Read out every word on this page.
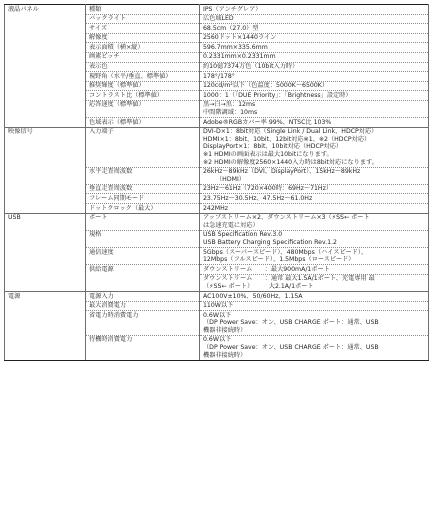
液晶パネル	種類	IPS（アンチグレア）

	バックライト	広色域LED

	サイズ	68.5cm（27.0）型

	解像度	2560ドット×1440ライン

	表示面積（横×縦）	596.7mm×335.6mm

	画素ピッチ	0.2331mm×0.2331mm

	表示色	約10億7374万色（10bit入力時）

	視野角（水平/垂直、標準値）	178°/178°

	推奨輝度（標準値）	120cd/m²以下（色温度：5000K〜6500K）

	コントラスト比（標準値）	1000：1（「DUE Priority」：「Brightness」設定時）

	応答速度（標準値）	黒→白→黒：12ms
中間階調域：10ms

	色域表示（標準値）	Adobe®RGBカバー率 99%、NTSC比 103%

映像信号	入力端子	DVI-D×1：8bit対応（Single Link / Dual Link、HDCP対応）
HDMI×1：8bit、10bit、12bit対応※1、※2（HDCP対応）
DisplayPort×1：8bit、10bit対応（HDCP対応）
※1 HDMIの画面表示は最大10bitになります。
※2 HDMIの解像度2560×1440入力時は8bit対応になります。

	水平走査周波数	26kHz〜89kHz（DVI、DisplayPort）、15kHz〜89kHz
（HDMI）

	垂直走査周波数	23Hz〜61Hz（720×400時：69Hz〜71Hz）

	フレーム同期モード	23.75Hz〜30.5Hz、47.5Hz〜61.0Hz

	ドットクロック（最大）	242MHz

USB	ポート	アップストリーム×2、ダウンストリーム×3（⚡SS← ポート
は急速充電に対応）

	規格	USB Specification Rev.3.0
USB Battery Charging Specification Rev.1.2

	通信速度	5Gbps（スーパースピード）、480Mbps（ハイスピード）、
12Mbps（フルスピード）、1.5Mbps（ロースピード）

	供給電源	ダウンストリーム　　：最大900mA/1ポート

		ダウンストリーム　　：通常 最大1.5A/1ポート、充電専用 最
（⚡SS← ポート）　　　大2.1A/1ポート

電源	電源入力	AC100V±10%、50/60Hz、1.15A

	最大消費電力	110W以下

	省電力時消費電力	0.6W以下
（DP Power Save：オン、USB CHARGE ポート：通常、USB
機器非接続時）

	待機時消費電力	0.6W以下
（DP Power Save：オン、USB CHARGE ポート：通常、USB
機器非接続時）
